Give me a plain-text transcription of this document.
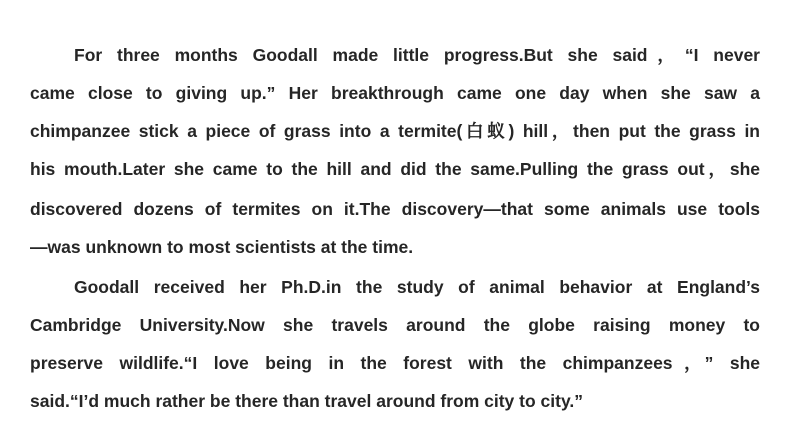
For three months Goodall made little progress.But she said，“I never
came close to giving up.” Her breakthrough came one day when she saw a
chimpanzee stick a piece of grass into a termite(白蚁) hill，then put the grass in
his mouth.Later she came to the hill and did the same.Pulling the grass out，she
discovered dozens of termites on it.The discovery—that some animals use tools
—was unknown to most scientists at the time.
Goodall received her Ph.D.in the study of animal behavior at England’s
Cambridge University.Now she travels around the globe raising money to
preserve wildlife.“I love being in the forest with the chimpanzees，” she
said.“I’d much rather be there than travel around from city to city.”
